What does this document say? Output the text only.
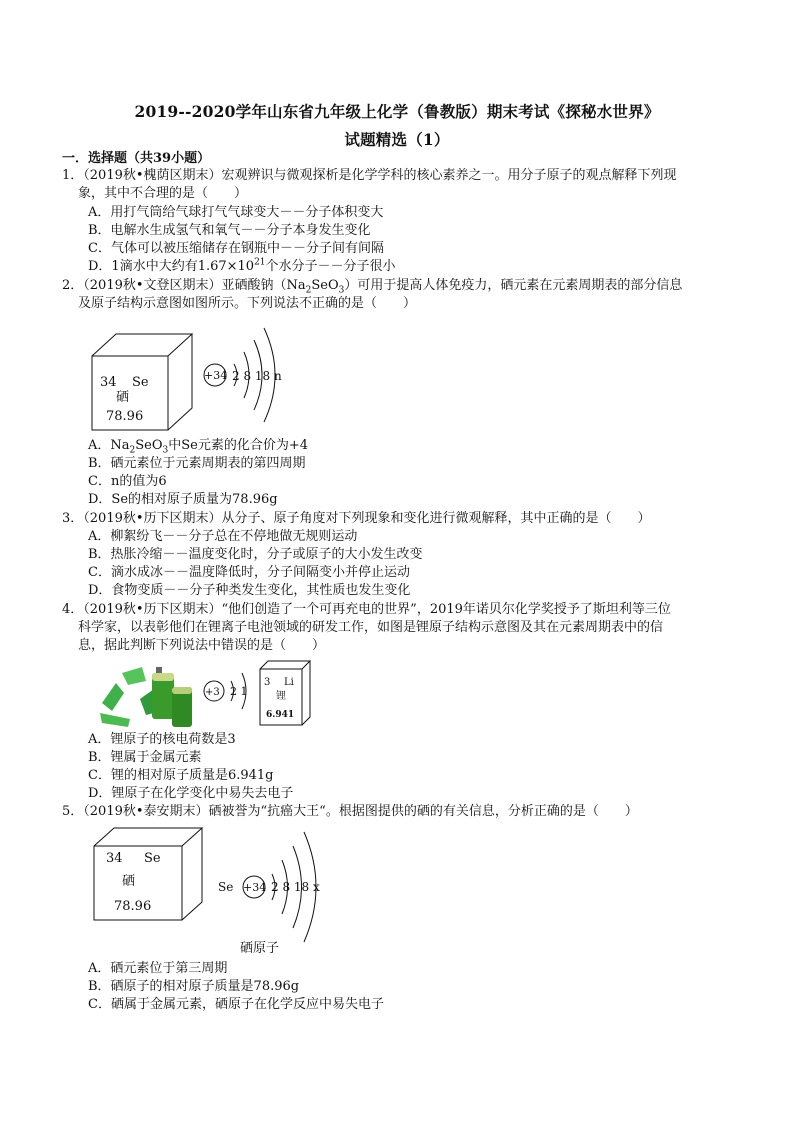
2019--2020学年山东省九年级上化学（鲁教版）期末考试《探秘水世界》
试题精选（1）
一．选择题（共39小题）
1．（2019秋•槐荫区期末）宏观辨识与微观探析是化学学科的核心素养之一。用分子原子的观点解释下列现
象，其中不合理的是（　　）
A．用打气筒给气球打气气球变大－－分子体积变大
B．电解水生成氢气和氧气－－分子本身发生变化
C．气体可以被压缩储存在钢瓶中－－分子间有间隔
D．1滴水中大约有$1.67\times 10^{21}$个水分子－－分子很小
2．（2019秋•文登区期末）亚硒酸钠$(Na_2SeO_3)$可用于提高人体免疫力，硒元素在元素周期表的部分信息
及原子结构示意图如图所示。下列说法不正确的是（　　）
34 Se
硒
78.96
+34 2 8 18 n
A．$Na_2SeO_3$中Se元素的化合价为+4
B．硒元素位于元素周期表的第四周期
C．n的值为6
D．Se的相对原子质量为78.96g
3．（2019秋•历下区期末）从分子、原子角度对下列现象和变化进行微观解释，其中正确的是（　　）
A．柳絮纷飞－－分子总在不停地做无规则运动
B．热胀冷缩－－温度变化时，分子或原子的大小发生改变
C．滴水成冰－－温度降低时，分子间隔变小并停止运动
D．食物变质－－分子种类发生变化，其性质也发生变化
4．（2019秋•历下区期末）“他们创造了一个可再充电的世界”，2019年诺贝尔化学奖授予了斯坦利等三位
科学家，以表彰他们在锂离子电池领域的研发工作，如图是锂原子结构示意图及其在元素周期表中的信
息，据此判断下列说法中错误的是（　　）
+3 2 1
3 Li
锂
6.941
A．锂原子的核电荷数是3
B．锂属于金属元素
C．锂的相对原子质量是6.941g
D．锂原子在化学变化中易失去电子
5．（2019秋•泰安期末）硒被誉为“抗癌大王“。根据图提供的硒的有关信息，分析正确的是（　　）
34 Se
硒
78.96
Se +34 2 8 18 x
硒原子
A．硒元素位于第三周期
B．硒原子的相对原子质量是78.96g
C．硒属于金属元素，硒原子在化学反应中易失电子
